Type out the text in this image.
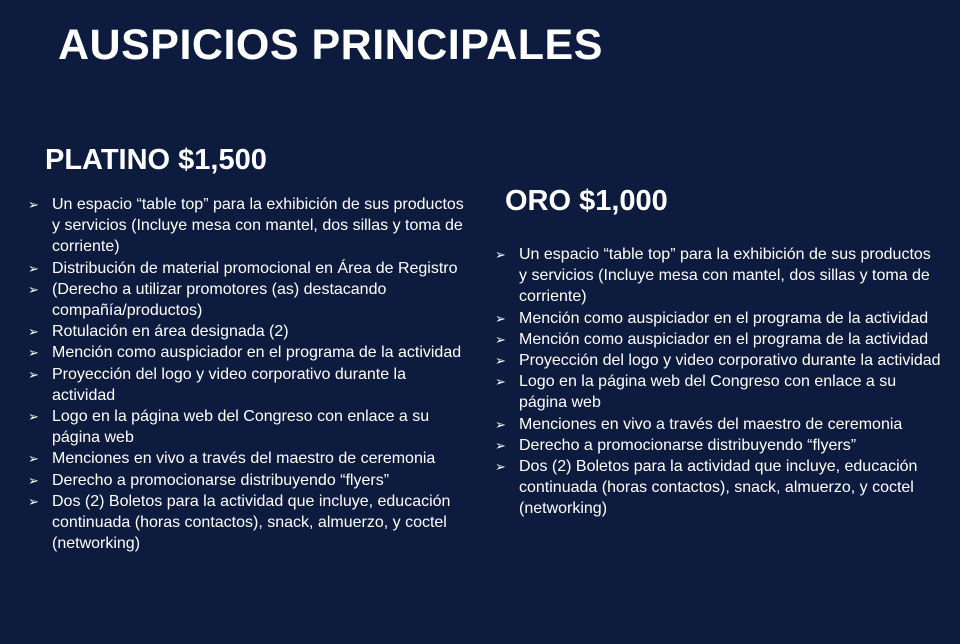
AUSPICIOS PRINCIPALES
PLATINO $1,500
➢ Un espacio “table top” para la exhibición de sus productos y servicios (Incluye mesa con mantel, dos sillas y toma de corriente)
➢ Distribución de material promocional en Área de Registro
➢ (Derecho a utilizar promotores (as) destacando compañía/productos)
➢ Rotulación en área designada (2)
➢ Mención como auspiciador en el programa de la actividad
➢ Proyección del logo y video corporativo durante la actividad
➢ Logo en la página web del Congreso con enlace a su página web
➢ Menciones en vivo a través del maestro de ceremonia
➢ Derecho a promocionarse distribuyendo “flyers”
➢ Dos (2) Boletos para la actividad que incluye, educación continuada (horas contactos), snack, almuerzo, y coctel (networking)
ORO $1,000
➢ Un espacio “table top” para la exhibición de sus productos y servicios (Incluye mesa con mantel, dos sillas y toma de corriente)
➢ Mención como auspiciador en el programa de la actividad
➢ Mención como auspiciador en el programa de la actividad
➢ Proyección del logo y video corporativo durante la actividad
➢ Logo en la página web del Congreso con enlace a su página web
➢ Menciones en vivo a través del maestro de ceremonia
➢ Derecho a promocionarse distribuyendo “flyers”
➢ Dos (2) Boletos para la actividad que incluye, educación continuada (horas contactos), snack, almuerzo, y coctel (networking)
